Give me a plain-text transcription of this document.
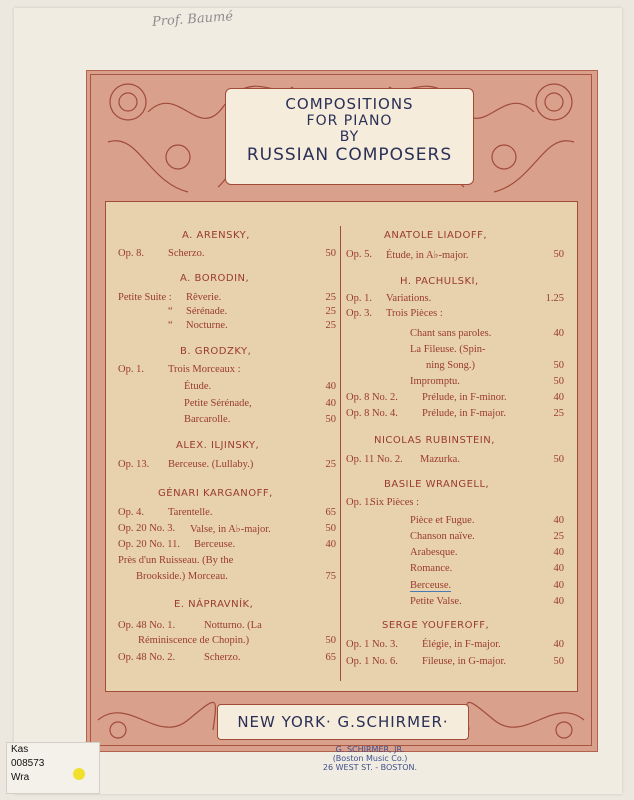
Prof. Baumé
COMPOSITIONS
FOR PIANO
BY
RUSSIAN COMPOSERS
A. ARENSKY,
Op. 8. Scherzo.	50
A. BORODIN,
Petite Suite : Rêverie.	25
“ Sérénade.	25
“ Nocturne.	25
B. GRODZKY,
Op. 1. Trois Morceaux :
Étude.	40
Petite Sérénade,	40
Barcarolle.	50
ALEX. ILJINSKY,
Op. 13. Berceuse. (Lullaby.)	25
GÉNARI KARGANOFF,
Op. 4. Tarentelle.	65
Op. 20 No. 3. Valse, in A♭-major.	50
Op. 20 No. 11. Berceuse.	40
Près d'un Ruisseau. (By the
Brookside.) Morceau.	75
E. NÁPRAVNÍK,
Op. 48 No. 1.	Notturno. (La
Réminiscence de Chopin.)	50
Op. 48 No. 2.	Scherzo.	65
ANATOLE LIADOFF,
Op. 5. Étude, in A♭-major.	50
H. PACHULSKI,
Op. 1. Variations.	1.25
Op. 3. Trois Pièces :
Chant sans paroles.	40
La Fileuse. (Spin-
ning Song.)	50
Impromptu.	50
Op. 8 No. 2. Prélude, in F-minor.	40
Op. 8 No. 4. Prélude, in F-major.	25
NICOLAS RUBINSTEIN,
Op. 11 No. 2. Mazurka.	50
BASILE WRANGELL,
Op. 1.
Six Pièces :
Pièce et Fugue.	40
Chanson naïve.	25
Arabesque.	40
Romance.	40
Berceuse.	40
Petite Valse.	40
SERGE YOUFEROFF,
Op. 1 No. 3. Élégie, in F-major.	40
Op. 1 No. 6. Fileuse, in G-major.	50
NEW YORK· G.SCHIRMER·
G. SCHIRMER, JR.
(Boston Music Co.)
26 WEST ST. - BOSTON.
Kas
008573
Wra
